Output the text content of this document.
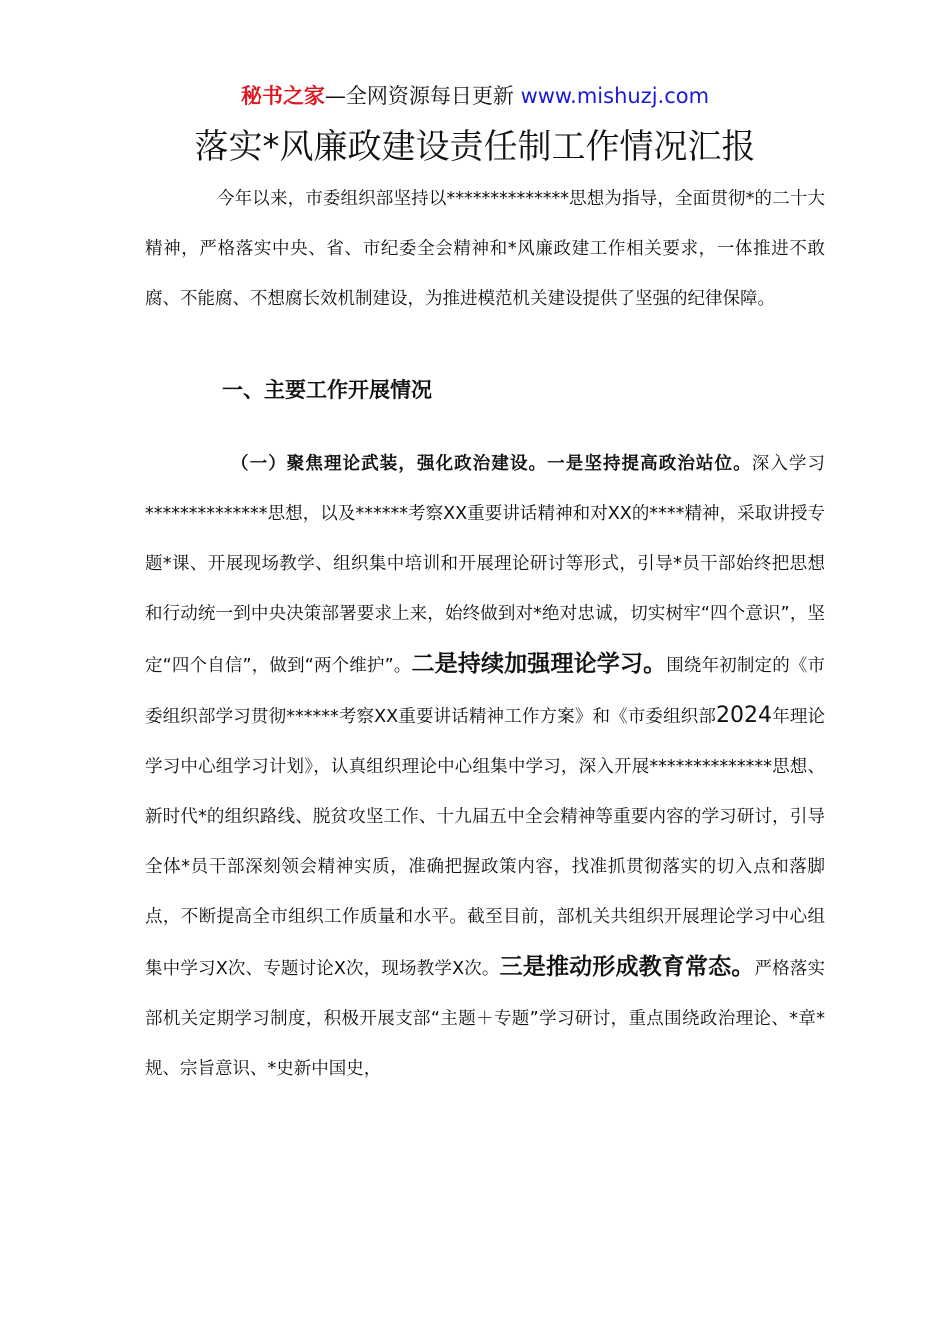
秘书之家—全网资源每日更新 www.mishuzj.com
落实*风廉政建设责任制工作情况汇报

今年以来，市委组织部坚持以**************思想为指导，全面贯彻*的二十大精神，严格落实中央、省、市纪委全会精神和*风廉政建工作相关要求，一体推进不敢腐、不能腐、不想腐长效机制建设，为推进模范机关建设提供了坚强的纪律保障。

一、主要工作开展情况

（一）聚焦理论武装，强化政治建设。一是坚持提高政治站位。深入学习**************思想，以及******考察XX重要讲话精神和对XX的****精神，采取讲授专题*课、开展现场教学、组织集中培训和开展理论研讨等形式，引导*员干部始终把思想和行动统一到中央决策部署要求上来，始终做到对*绝对忠诚，切实树牢“四个意识”，坚定“四个自信”，做到“两个维护”。二是持续加强理论学习。围绕年初制定的《市委组织部学习贯彻******考察XX重要讲话精神工作方案》和《市委组织部2024年理论学习中心组学习计划》，认真组织理论中心组集中学习，深入开展**************思想、新时代*的组织路线、脱贫攻坚工作、十九届五中全会精神等重要内容的学习研讨，引导全体*员干部深刻领会精神实质，准确把握政策内容，找准抓贯彻落实的切入点和落脚点，不断提高全市组织工作质量和水平。截至目前，部机关共组织开展理论学习中心组集中学习X次、专题讨论X次，现场教学X次。三是推动形成教育常态。严格落实部机关定期学习制度，积极开展支部“主题＋专题”学习研讨，重点围绕政治理论、*章*规、宗旨意识、*史新中国史，
